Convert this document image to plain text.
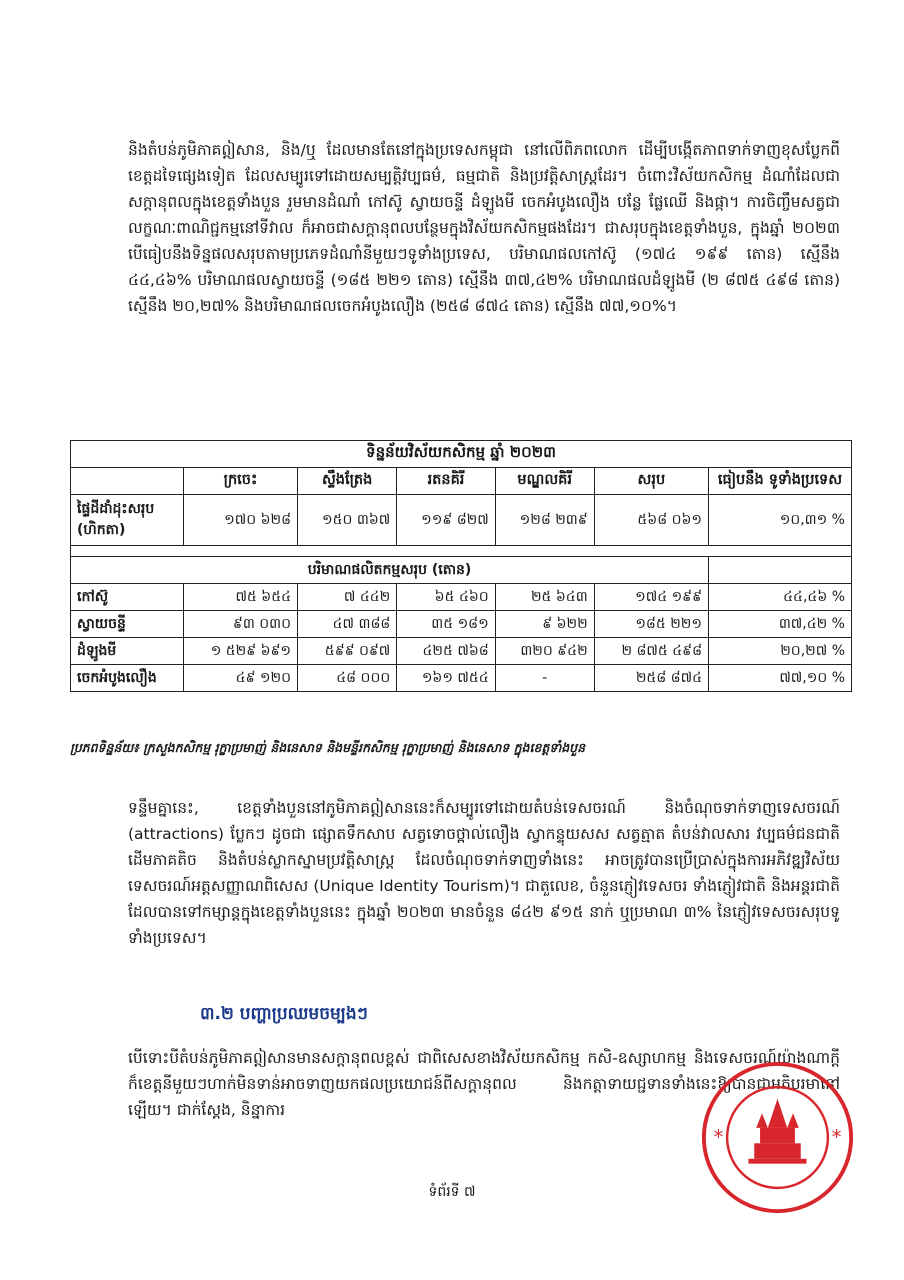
និងតំបន់ភូមិភាគឦសាន, និង/ឬ ដែលមានតែនៅក្នុងប្រទេសកម្ពុជា នៅលើពិភពលោក ដើម្បីបង្កើតភាពទាក់ទាញខុសប្លែកពីខេត្តដទៃផ្សេងទៀត ដែលសម្បូរទៅដោយសម្បត្តិវប្បធម៌, ធម្មជាតិ និងប្រវត្តិសាស្ត្រដែរ។ ចំពោះវិស័យកសិកម្ម ដំណាំដែលជាសក្ដានុពលក្នុងខេត្តទាំងបួន រួមមានដំណាំ កៅស៊ូ ស្វាយចន្ទី ដំឡូងមី ចេកអំបូងលឿង បន្លែ ផ្លែឈើ និងផ្កា។ ការចិញ្ចឹមសត្វជាលក្ខណៈពាណិជ្ជកម្មនៅទីវាល ក៏អាចជាសក្ដានុពលបន្ថែមក្នុងវិស័យកសិកម្មផងដែរ។ ជាសរុបក្នុងខេត្តទាំងបួន, ក្នុងឆ្នាំ ២០២៣ បើធៀបនឹងទិន្នផលសរុបតាមប្រភេទដំណាំនីមួយៗទូទាំងប្រទេស, បរិមាណផលកៅស៊ូ (១៧៤ ១៩៩ តោន) ស្មើនឹង ៤៤,៤៦% បរិមាណផលស្វាយចន្ទី (១៨៥ ២២១ តោន) ស្មើនឹង ៣៧,៤២% បរិមាណផលដំឡូងមី (២ ៨៧៥ ៤៩៨ តោន) ស្មើនឹង ២០,២៧% និងបរិមាណផលចេកអំបូងលឿង (២៥៨ ៨៧៤ តោន) ស្មើនឹង ៧៧,១០%។
ទិន្នន័យវិស័យកសិកម្ម ឆ្នាំ ២០២៣						
	ក្រចេះ	ស្ទឹងត្រែង	រតនគិរី	មណ្ឌលគិរី	សរុប	ធៀបនឹង ទូទាំងប្រទេស
ផ្ទៃដីដាំដុះសរុប (ហិកតា)	១៧០ ៦២៨	១៥០ ៣៦៧	១១៩ ៨២៧	១២៨ ២៣៩	៥៦៨ ០៦១	១០,៣១ %

បរិមាណផលិតកម្មសរុប (តោន)						
កៅស៊ូ	៧៥ ៦៥៤	៧ ៤៤២	៦៥ ៤៦០	២៥ ៦៤៣	១៧៤ ១៩៩	៤៤,៤៦ %
ស្វាយចន្ទី	៩៣ ០៣០	៤៧ ៣៨៨	៣៥ ១៨១	៩ ៦២២	១៨៥ ២២១	៣៧,៤២ %
ដំឡូងមី	១ ៥២៩ ៦៩១	៥៩៩ ០៩៧	៤២៥ ៧៦៨	៣២០ ៩៤២	២ ៨៧៥ ៤៩៨	២០,២៧ %
ចេកអំបូងលឿង	៤៩ ១២០	៤៨ ០០០	១៦១ ៧៥៤	-	២៥៨ ៨៧៤	៧៧,១០ %
ប្រភពទិន្នន័យ៖ ក្រសួងកសិកម្ម រុក្ខាប្រមាញ់ និងនេសាទ និងមន្ទីរកសិកម្ម រុក្ខាប្រមាញ់ និងនេសាទ ក្នុងខេត្តទាំងបួន
ទន្ទឹមគ្នានេះ, ខេត្តទាំងបួននៅភូមិភាគឦសាននេះក៏សម្បូរទៅដោយតំបន់ទេសចរណ៍ និងចំណុចទាក់ទាញទេសចរណ៍ (attractions) ប្លែកៗ ដូចជា ផ្សោតទឹកសាប សត្វទោចថ្ពាល់លឿង ស្វាកន្ទុយសស សត្វត្មាត តំបន់វាលសារ វប្បធម៌ជនជាតិដើមភាគតិច និងតំបន់ស្លាកស្នាមប្រវត្តិសាស្ត្រ ដែលចំណុចទាក់ទាញទាំងនេះ អាចត្រូវបានប្រើប្រាស់ក្នុងការអភិវឌ្ឍវិស័យទេសចរណ៍អត្តសញ្ញាណពិសេស (Unique Identity Tourism)។ ជាតួលេខ, ចំនួនភ្ញៀវទេសចរ ទាំងភ្ញៀវជាតិ និងអន្តរជាតិ ដែលបានទៅកម្សាន្តក្នុងខេត្តទាំងបួននេះ ក្នុងឆ្នាំ ២០២៣ មានចំនួន ៨៤២ ៩១៥ នាក់ ឬប្រមាណ ៣% នៃភ្ញៀវទេសចរសរុបទូទាំងប្រទេស។
៣.២ បញ្ហាប្រឈមចម្បងៗ
បើទោះបីតំបន់ភូមិភាគឦសានមានសក្ដានុពលខ្ពស់ ជាពិសេសខាងវិស័យកសិកម្ម កសិ-ឧស្សាហកម្ម និងទេសចរណ៍យ៉ាងណាក្ដី ក៏ខេត្តនីមួយៗហាក់មិនទាន់អាចទាញយកផលប្រយោជន៍ពីសក្ដានុពល និងកត្តាទាយជ្ជទានទាំងនេះឱ្យបានជាអតិបរមានៅឡើយ។ ជាក់ស្ដែង, និន្នាការ
*	*
ទំព័រទី ៧
